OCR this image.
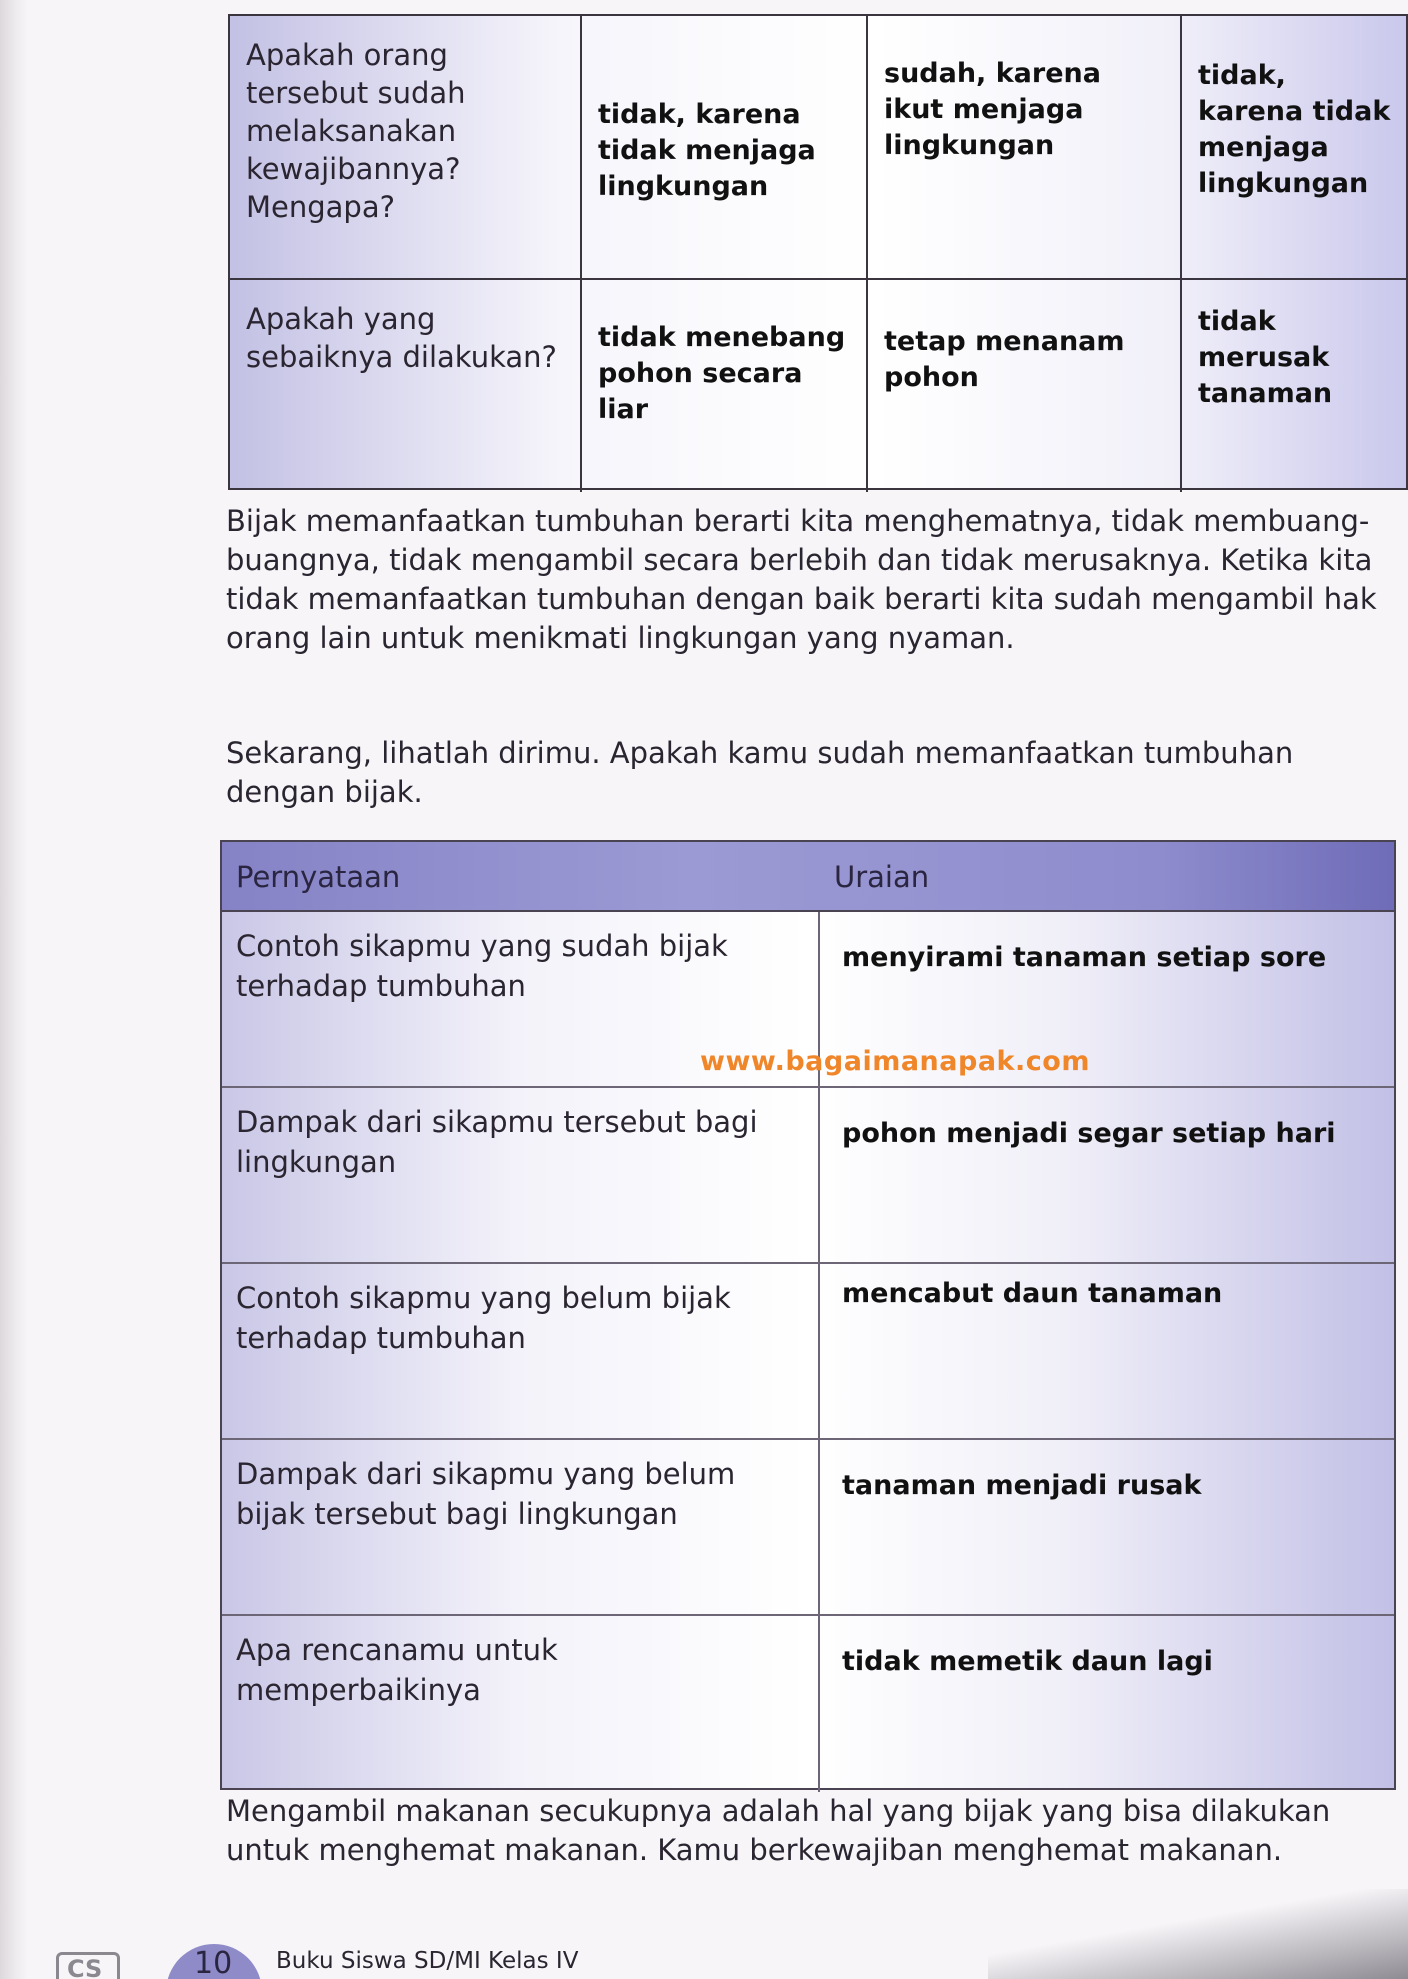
Apakah orang tersebut sudah melaksanakan kewajibannya? Mengapa?
tidak, karena tidak menjaga lingkungan
sudah, karena ikut menjaga lingkungan
tidak, karena tidak menjaga lingkungan
Apakah yang sebaiknya dilakukan?
tidak menebang pohon secara liar
tetap menanam pohon
tidak merusak tanaman

Bijak memanfaatkan tumbuhan berarti kita menghematnya, tidak membuang-buangnya, tidak mengambil secara berlebih dan tidak merusaknya. Ketika kita tidak memanfaatkan tumbuhan dengan baik berarti kita sudah mengambil hak orang lain untuk menikmati lingkungan yang nyaman.

Sekarang, lihatlah dirimu. Apakah kamu sudah memanfaatkan tumbuhan dengan bijak.

Pernyataan	Uraian
Contoh sikapmu yang sudah bijak terhadap tumbuhan
menyirami tanaman setiap sore
Dampak dari sikapmu tersebut bagi lingkungan
pohon menjadi segar setiap hari
Contoh sikapmu yang belum bijak terhadap tumbuhan
mencabut daun tanaman
Dampak dari sikapmu yang belum bijak tersebut bagi lingkungan
tanaman menjadi rusak
Apa rencanamu untuk memperbaikinya
tidak memetik daun lagi
www.bagaimanapak.com

Mengambil makanan secukupnya adalah hal yang bijak yang bisa dilakukan untuk menghemat makanan. Kamu berkewajiban menghemat makanan.

CS	10 Buku Siswa SD/MI Kelas IV
